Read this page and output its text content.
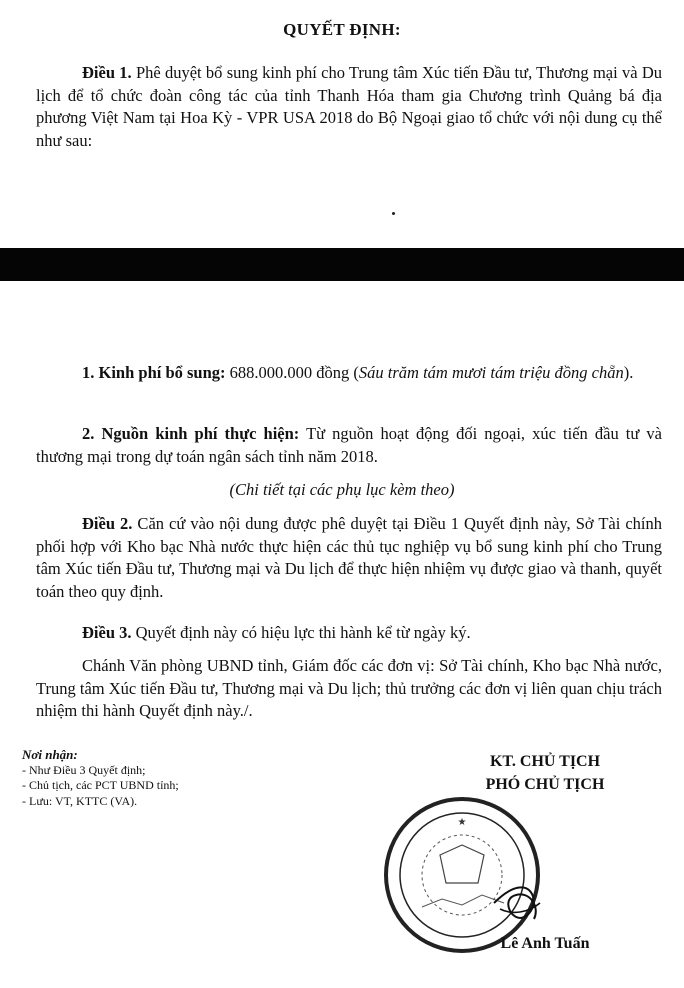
QUYẾT ĐỊNH:

Điều 1. Phê duyệt bổ sung kinh phí cho Trung tâm Xúc tiến Đầu tư, Thương mại và Du lịch để tổ chức đoàn công tác của tỉnh Thanh Hóa tham gia Chương trình Quảng bá địa phương Việt Nam tại Hoa Kỳ - VPR USA 2018 do Bộ Ngoại giao tổ chức với nội dung cụ thể như sau:

1. Kinh phí bổ sung: 688.000.000 đồng (Sáu trăm tám mươi tám triệu đồng chẵn).

2. Nguồn kinh phí thực hiện: Từ nguồn hoạt động đối ngoại, xúc tiến đầu tư và thương mại trong dự toán ngân sách tỉnh năm 2018.

(Chi tiết tại các phụ lục kèm theo)

Điều 2. Căn cứ vào nội dung được phê duyệt tại Điều 1 Quyết định này, Sở Tài chính phối hợp với Kho bạc Nhà nước thực hiện các thủ tục nghiệp vụ bổ sung kinh phí cho Trung tâm Xúc tiến Đầu tư, Thương mại và Du lịch để thực hiện nhiệm vụ được giao và thanh, quyết toán theo quy định.

Điều 3. Quyết định này có hiệu lực thi hành kể từ ngày ký.

Chánh Văn phòng UBND tỉnh, Giám đốc các đơn vị: Sở Tài chính, Kho bạc Nhà nước, Trung tâm Xúc tiến Đầu tư, Thương mại và Du lịch; thủ trưởng các đơn vị liên quan chịu trách nhiệm thi hành Quyết định này./.

Nơi nhận:
- Như Điều 3 Quyết định;
- Chủ tịch, các PCT UBND tỉnh;
- Lưu: VT, KTTC (VA).
KT. CHỦ TỊCH
PHÓ CHỦ TỊCH
★
Lê Anh Tuấn
